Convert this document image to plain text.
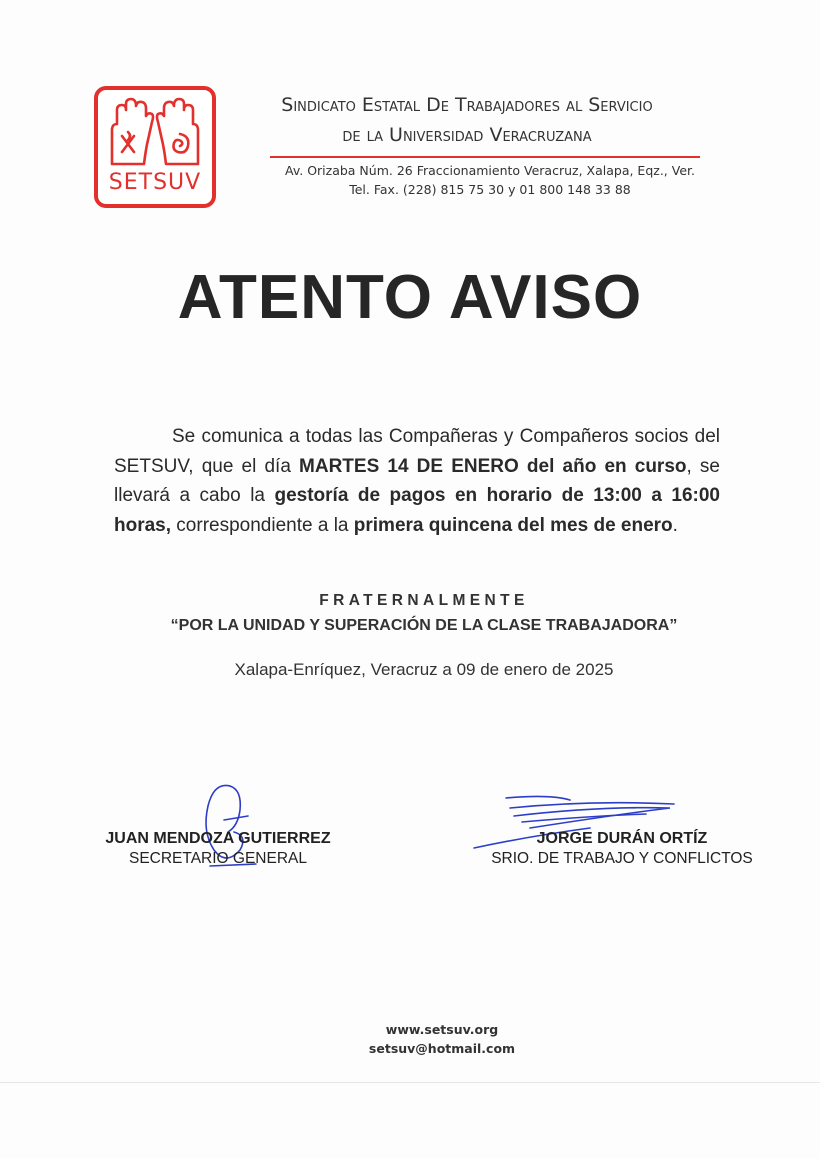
SETSUV
Sindicato Estatal De Trabajadores al Servicio
de la Universidad Veracruzana
Av. Orizaba Núm. 26 Fraccionamiento Veracruz, Xalapa, Eqz., Ver.
Tel. Fax. (228) 815 75 30 y 01 800 148 33 88
ATENTO AVISO

Se comunica a todas las Compañeras y Compañeros socios del SETSUV, que el día MARTES 14 DE ENERO del año en curso, se llevará a cabo la gestoría de pagos en horario de 13:00 a 16:00 horas, correspondiente a la primera quincena del mes de enero.

FRATERNALMENTE
“POR LA UNIDAD Y SUPERACIÓN DE LA CLASE TRABAJADORA”
Xalapa-Enríquez, Veracruz a 09 de enero de 2025
JUAN MENDOZA GUTIERREZ
SECRETARIO GENERAL
JORGE DURÁN ORTÍZ
SRIO. DE TRABAJO Y CONFLICTOS
www.setsuv.org
setsuv@hotmail.com
